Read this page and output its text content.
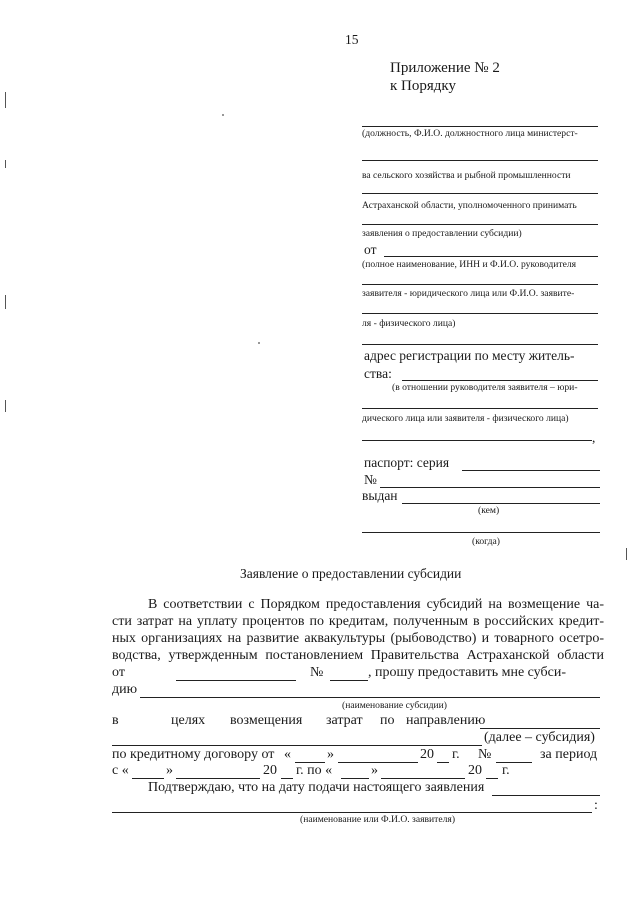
15
Приложение № 2
к Порядку
(должность, Ф.И.О. должностного лица министерст-
ва сельского хозяйства и рыбной промышленности
Астраханской области, уполномоченного принимать
заявления о предоставлении субсидии)
от
(полное наименование, ИНН и Ф.И.О. руководителя
заявителя - юридического лица или Ф.И.О. заявите-
ля - физического лица)
адрес регистрации по месту житель-
ства:
(в отношении руководителя заявителя – юри-
дического лица или заявителя - физического лица)
,
паспорт: серия
№
выдан
(кем)
(когда)
Заявление о предоставлении субсидии
В соответствии с Порядком предоставления субсидий на возмещение ча-
сти затрат на уплату процентов по кредитам, полученным в российских кредит-
ных организациях на развитие аквакультуры (рыбоводство) и товарного осетро-
водства, утвержденным постановлением Правительства Астраханской области
от	№	, прошу предоставить мне субси-
дию
(наименование субсидии)
в	целях возмещения затрат по направлению
(далее – субсидия)
по кредитному договору от «	»	20 г. №	за период
с «	»	20 г. по «	»	20 г.
Подтверждаю, что на дату подачи настоящего заявления
:
(наименование или Ф.И.О. заявителя)
